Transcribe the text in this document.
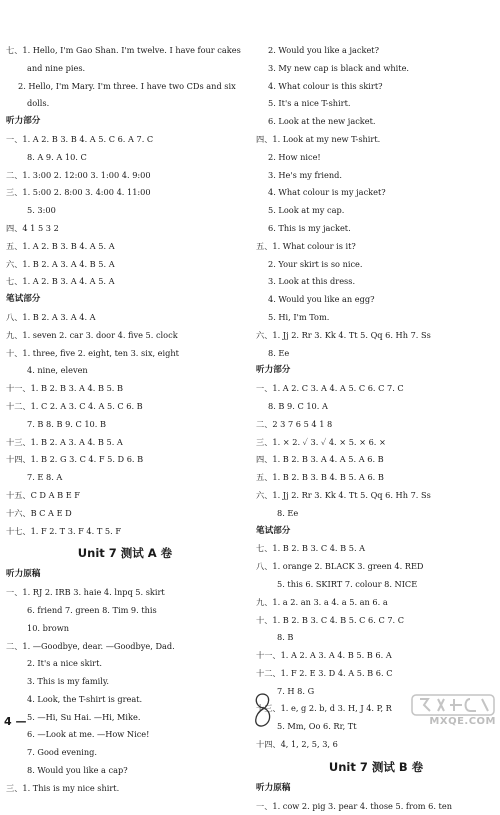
七、1. Hello, I'm Gao Shan. I'm twelve. I have four cakes
and nine pies.
2. Hello, I'm Mary. I'm three. I have two CDs and six
dolls.
听力部分
一、1. A 2. B 3. B 4. A 5. C 6. A 7. C
8. A 9. A 10. C
二、1. 3:00 2. 12:00 3. 1:00 4. 9:00
三、1. 5:00 2. 8:00 3. 4:00 4. 11:00
5. 3:00
四、4 1 5 3 2
五、1. A 2. B 3. B 4. A 5. A
六、1. B 2. A 3. A 4. B 5. A
七、1. A 2. B 3. A 4. A 5. A
笔试部分
八、1. B 2. A 3. A 4. A
九、1. seven 2. car 3. door 4. five 5. clock
十、1. three, five 2. eight, ten 3. six, eight
4. nine, eleven
十一、1. B 2. B 3. A 4. B 5. B
十二、1. C 2. A 3. C 4. A 5. C 6. B
7. B 8. B 9. C 10. B
十三、1. B 2. A 3. A 4. B 5. A
十四、1. B 2. G 3. C 4. F 5. D 6. B
7. E 8. A
十五、C D A B E F
十六、B C A E D
十七、1. F 2. T 3. F 4. T 5. F
Unit 7 测试 A 卷
听力原稿
一、1. RJ 2. IRB 3. haie 4. lnpq 5. skirt
6. friend 7. green 8. Tim 9. this
10. brown
二、1. —Goodbye, dear. —Goodbye, Dad.
2. It's a nice skirt.
3. This is my family.
4. Look, the T-shirt is great.
5. —Hi, Su Hai. —Hi, Mike.
6. —Look at me. —How Nice!
7. Good evening.
8. Would you like a cap?
三、1. This is my nice shirt.
2. Would you like a jacket?
3. My new cap is black and white.
4. What colour is this skirt?
5. It's a nice T-shirt.
6. Look at the new jacket.
四、1. Look at my new T-shirt.
2. How nice!
3. He's my friend.
4. What colour is my jacket?
5. Look at my cap.
6. This is my jacket.
五、1. What colour is it?
2. Your skirt is so nice.
3. Look at this dress.
4. Would you like an egg?
5. Hi, I'm Tom.
六、1. Jj 2. Rr 3. Kk 4. Tt 5. Qq 6. Hh 7. Ss
8. Ee
听力部分
一、1. A 2. C 3. A 4. A 5. C 6. C 7. C
8. B 9. C 10. A
二、2 3 7 6 5 4 1 8
三、1. × 2. ✓ 3. ✓ 4. × 5. × 6. ×
四、1. B 2. B 3. A 4. A 5. A 6. B
五、1. B 2. B 3. B 4. B 5. A 6. B
六、1. Jj 2. Rr 3. Kk 4. Tt 5. Qq 6. Hh 7. Ss
8. Ee
笔试部分
七、1. B 2. B 3. C 4. B 5. A
八、1. orange 2. BLACK 3. green 4. RED
5. this 6. SKIRT 7. colour 8. NICE
九、1. a 2. an 3. a 4. a 5. an 6. a
十、1. B 2. B 3. C 4. B 5. C 6. C 7. C
8. B
十一、1. A 2. A 3. A 4. B 5. B 6. A
十二、1. F 2. E 3. D 4. A 5. B 6. C
7. H 8. G
十三、1. e, g 2. b, d 3. H, J 4. P, R
5. Mm, Oo 6. Rr, Tt
十四、4, 1, 2, 5, 3, 6
Unit 7 测试 B 卷
听力原稿
一、1. cow 2. pig 3. pear 4. those 5. from 6. ten
4 —	MXQE.COM
